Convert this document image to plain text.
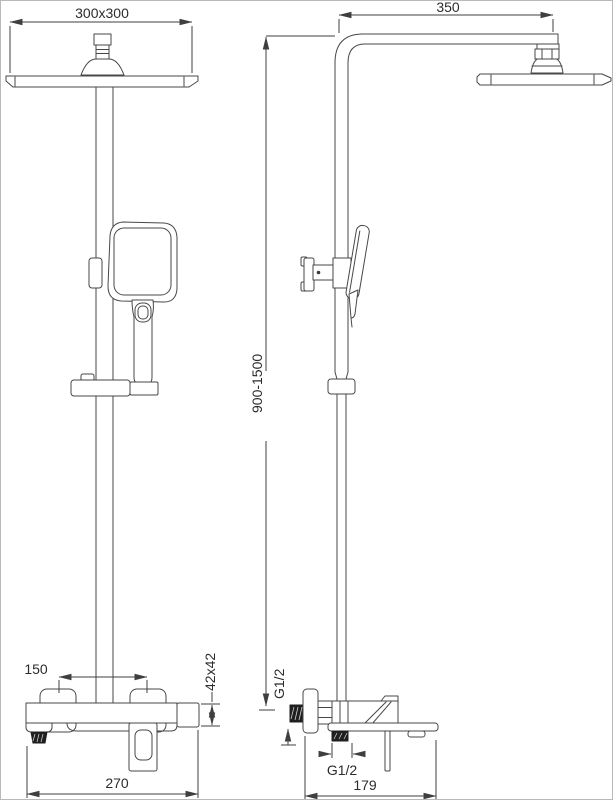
300x300
150	42x42
270
350
900-1500
G1/2
G1/2
179
